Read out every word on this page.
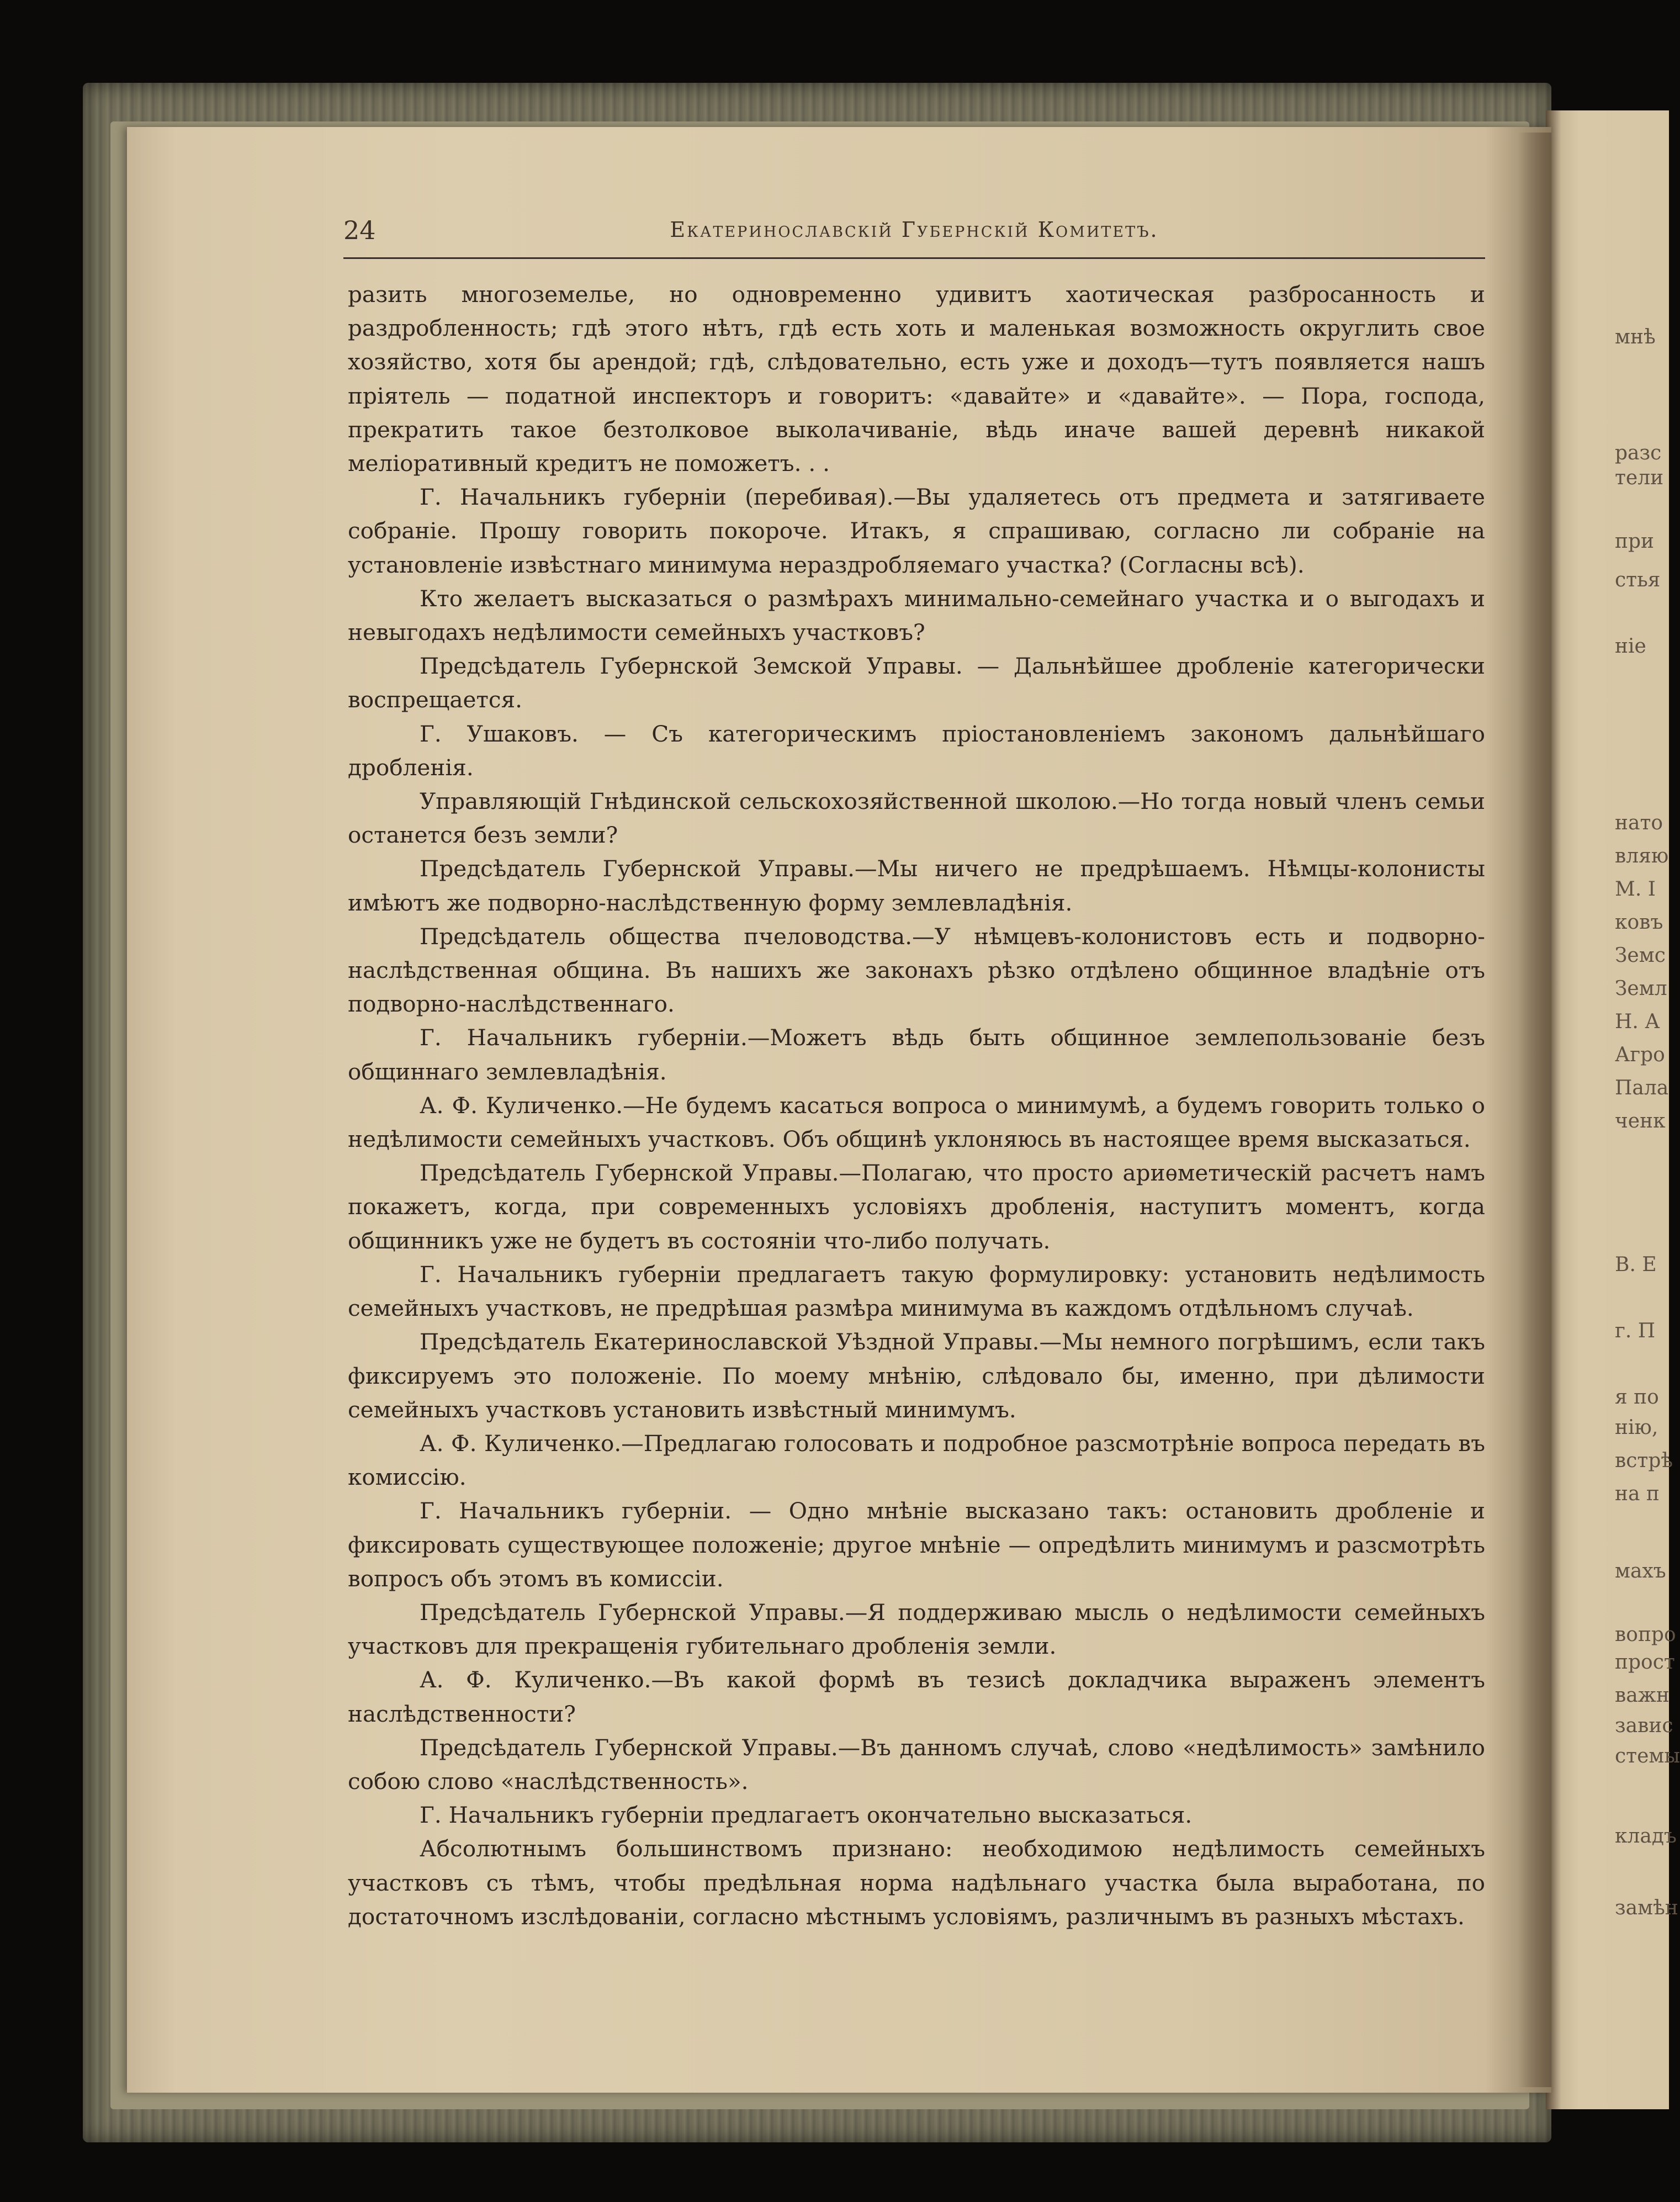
мнѣ
разс
тели
при
стья
ніе
нато
вляю
М. І
ковъ
Земс
Земл
Н. А
Агро
Пала
ченк
В. Е
г. П
я по
нію,
встрѣ
на п
махъ
вопро
прост
важн
завис
стемы
кладъ
замѣн
24	Екатеринославскій Губернскій Комитетъ.

разить многоземелье, но одновременно удивитъ хаотическая разбросанность и раздробленность; гдѣ этого нѣтъ, гдѣ есть хоть и маленькая возможность округлить свое хозяйство, хотя бы арендой; гдѣ, слѣдовательно, есть уже и доходъ—тутъ появляется нашъ пріятель — податной инспекторъ и говоритъ: «давайте» и «давайте». — Пора, господа, прекратить такое безтолковое выколачиваніе, вѣдь иначе вашей деревнѣ никакой меліоративный кредитъ не поможетъ. . .

Г. Начальникъ губерніи (перебивая).—Вы удаляетесь отъ предмета и затягиваете собраніе. Прошу говорить покороче. Итакъ, я спрашиваю, согласно ли собраніе на установленіе извѣстнаго минимума нераздробляемаго участка? (Согласны всѣ).

Кто желаетъ высказаться о размѣрахъ минимально-семейнаго участка и о выгодахъ и невыгодахъ недѣлимости семейныхъ участковъ?

Предсѣдатель Губернской Земской Управы. — Дальнѣйшее дробленіе категорически воспрещается.

Г. Ушаковъ. — Съ категорическимъ пріостановленіемъ закономъ дальнѣйшаго дробленія.

Управляющій Гнѣдинской сельскохозяйственной школою.—Но тогда новый членъ семьи останется безъ земли?

Предсѣдатель Губернской Управы.—Мы ничего не предрѣшаемъ. Нѣмцы-колонисты имѣютъ же подворно-наслѣдственную форму землевладѣнія.

Предсѣдатель общества пчеловодства.—У нѣмцевъ-колонистовъ есть и подворно-наслѣдственная община. Въ нашихъ же законахъ рѣзко отдѣлено общинное владѣніе отъ подворно-наслѣдственнаго.

Г. Начальникъ губерніи.—Можетъ вѣдь быть общинное землепользованіе безъ общиннаго землевладѣнія.

А. Ф. Куличенко.—Не будемъ касаться вопроса о минимумѣ, а будемъ говорить только о недѣлимости семейныхъ участковъ. Объ общинѣ уклоняюсь въ настоящее время высказаться.

Предсѣдатель Губернской Управы.—Полагаю, что просто ариѳметическій расчетъ намъ покажетъ, когда, при современныхъ условіяхъ дробленія, наступитъ моментъ, когда общинникъ уже не будетъ въ состояніи что-либо получать.

Г. Начальникъ губерніи предлагаетъ такую формулировку: установить недѣлимость семейныхъ участковъ, не предрѣшая размѣра минимума въ каждомъ отдѣльномъ случаѣ.

Предсѣдатель Екатеринославской Уѣздной Управы.—Мы немного погрѣшимъ, если такъ фиксируемъ это положеніе. По моему мнѣнію, слѣдовало бы, именно, при дѣлимости семейныхъ участковъ установить извѣстный минимумъ.

А. Ф. Куличенко.—Предлагаю голосовать и подробное разсмотрѣніе вопроса передать въ комиссію.

Г. Начальникъ губерніи. — Одно мнѣніе высказано такъ: остановить дробленіе и фиксировать существующее положеніе; другое мнѣніе — опредѣлить минимумъ и разсмотрѣть вопросъ объ этомъ въ комиссіи.

Предсѣдатель Губернской Управы.—Я поддерживаю мысль о недѣлимости семейныхъ участковъ для прекращенія губительнаго дробленія земли.

А. Ф. Куличенко.—Въ какой формѣ въ тезисѣ докладчика выраженъ элементъ наслѣдственности?

Предсѣдатель Губернской Управы.—Въ данномъ случаѣ, слово «недѣлимость» замѣнило собою слово «наслѣдственность».

Г. Начальникъ губерніи предлагаетъ окончательно высказаться.

Абсолютнымъ большинствомъ признано: необходимою недѣлимость семейныхъ участковъ съ тѣмъ, чтобы предѣльная норма надѣльнаго участка была выработана, по достаточномъ изслѣдованіи, согласно мѣстнымъ условіямъ, различнымъ въ разныхъ мѣстахъ.
